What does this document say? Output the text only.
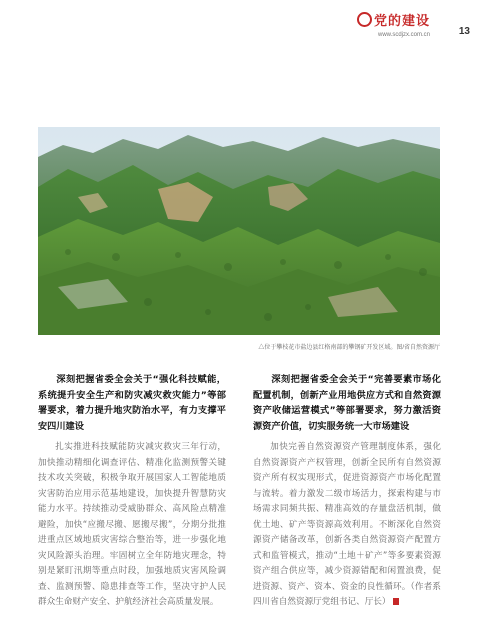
党的建设
www.scdjzx.com.cn	13
△位于攀枝花市盐边县红格南部的攀钢矿开发区域。图/省自然资源厅
深刻把握省委全会关于“强化科技赋能，系统提升安全生产和防灾减灾救灾能力”等部署要求，着力提升地灾防治水平，有力支撑平安四川建设

扎实推进科技赋能防灾减灾救灾三年行动，加快推动精细化调查评估、精准化监测预警关键技术攻关突破，积极争取开展国家人工智能地质灾害防治应用示范基地建设，加快提升智慧防灾能力水平。持续推动受威胁群众、高风险点精准避险，加快“应搬尽搬、愿搬尽搬”，分期分批推进重点区域地质灾害综合整治等，进一步强化地灾风险源头治理。牢固树立全年防地灾理念，特别是紧盯汛期等重点时段，加强地质灾害风险调查、监测预警、隐患排查等工作，坚决守护人民群众生命财产安全、护航经济社会高质量发展。

深刻把握省委全会关于“完善要素市场化配置机制，创新产业用地供应方式和自然资源资产收储运营模式”等部署要求，努力激活资源资产价值，切实服务统一大市场建设

加快完善自然资源资产管理制度体系，强化自然资源资产产权管理，创新全民所有自然资源资产所有权实现形式，促进资源资产市场化配置与流转。着力激发二级市场活力，探索构建与市场需求同频共振、精准高效的存量盘活机制，做优土地、矿产等资源高效利用。不断深化自然资源资产储备改革，创新各类自然资源资产配置方式和监管模式，推动“土地＋矿产”等多要素资源资产组合供应等，减少资源错配和闲置浪费，促进资源、资产、资本、资金的良性循环。（作者系四川省自然资源厅党组书记、厅长）
